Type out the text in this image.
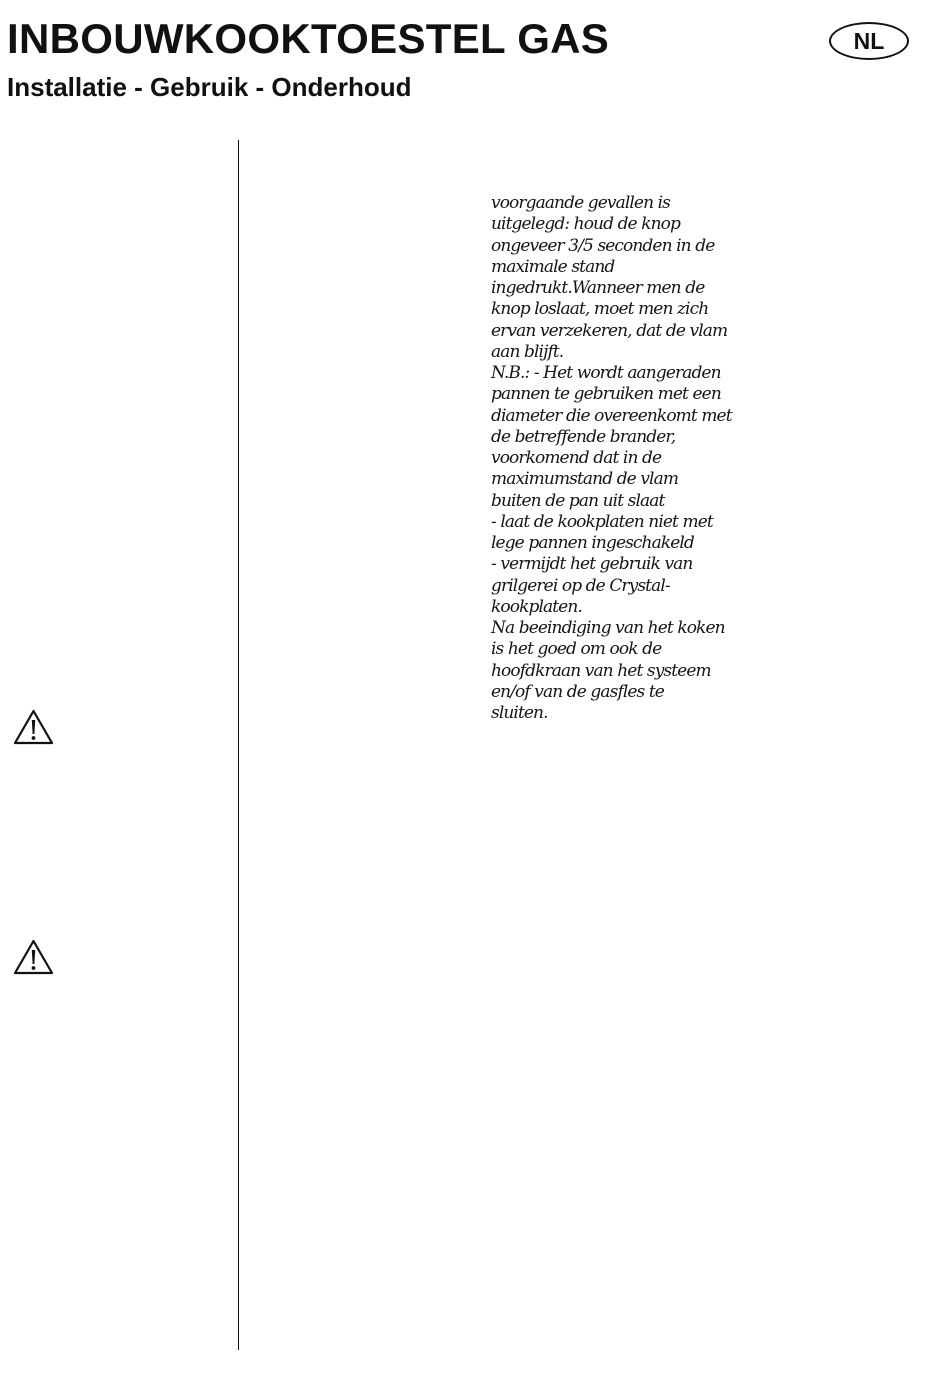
INBOUWKOOKTOESTEL GAS
Installatie - Gebruik - Onderhoud
NL

voorgaande gevallen is
uitgelegd: houd de knop
ongeveer 3/5 seconden in de
maximale stand
ingedrukt.Wanneer men de
knop loslaat, moet men zich
ervan verzekeren, dat de vlam
aan blijft.
N.B.: - Het wordt aangeraden
pannen te gebruiken met een
diameter die overeenkomt met
de betreffende brander,
voorkomend dat in de
maximumstand de vlam
buiten de pan uit slaat
- laat de kookplaten niet met
lege pannen ingeschakeld
- vermijdt het gebruik van
grilgerei op de Crystal-
kookplaten.
Na beeindiging van het koken
is het goed om ook de
hoofdkraan van het systeem
en/of van de gasfles te
sluiten.
